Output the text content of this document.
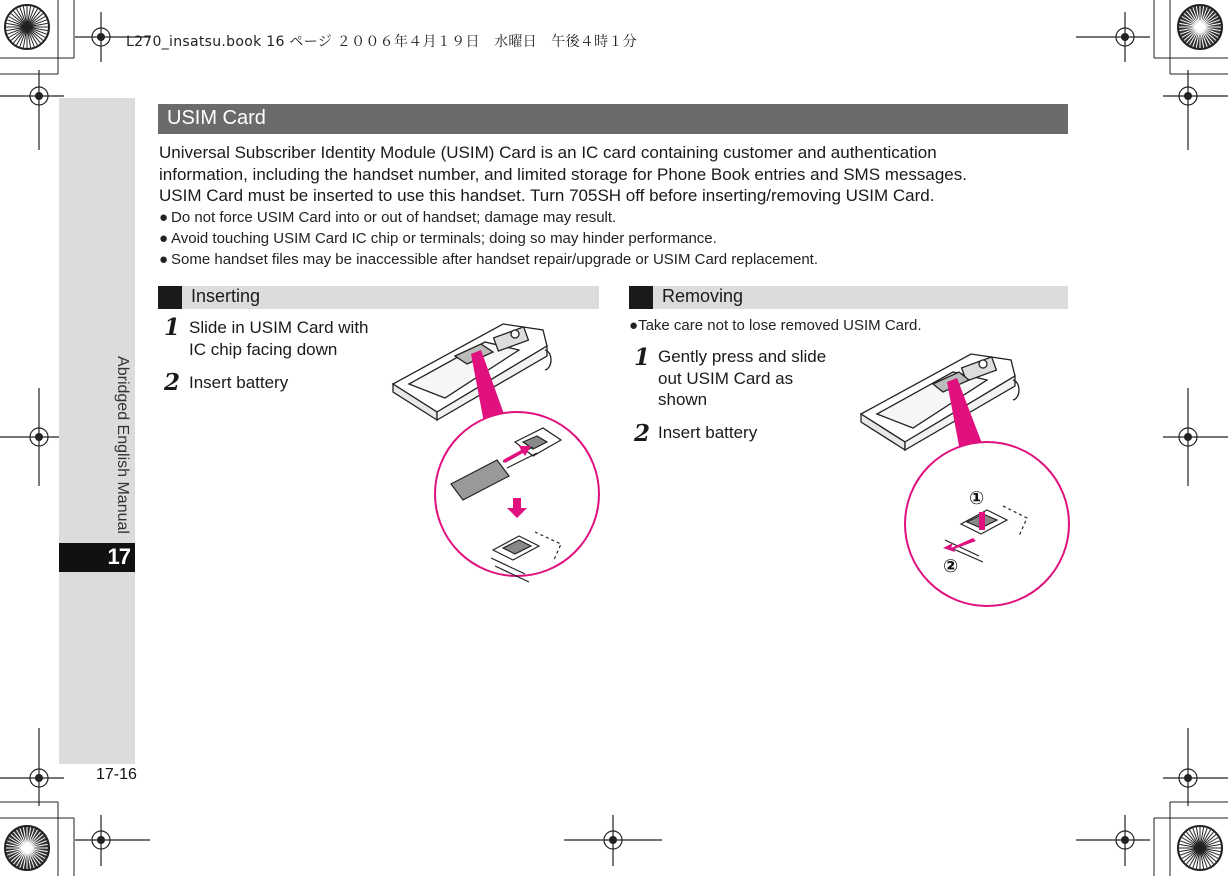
L270_insatsu.book 16 ページ ２００６年４月１９日　水曜日　午後４時１分
Abridged English Manual
17
17-16
USIM Card
Universal Subscriber Identity Module (USIM) Card is an IC card containing customer and authentication
information, including the handset number, and limited storage for Phone Book entries and SMS messages.
USIM Card must be inserted to use this handset. Turn 705SH off before inserting/removing USIM Card.
● Do not force USIM Card into or out of handset; damage may result.
● Avoid touching USIM Card IC chip or terminals; doing so may hinder performance.
● Some handset files may be inaccessible after handset repair/upgrade or USIM Card replacement.
Inserting
1 Slide in USIM Card with
IC chip facing down
2 Insert battery
Removing
●Take care not to lose removed USIM Card.
1 Gently press and slide
out USIM Card as
shown
2 Insert battery
①
②
